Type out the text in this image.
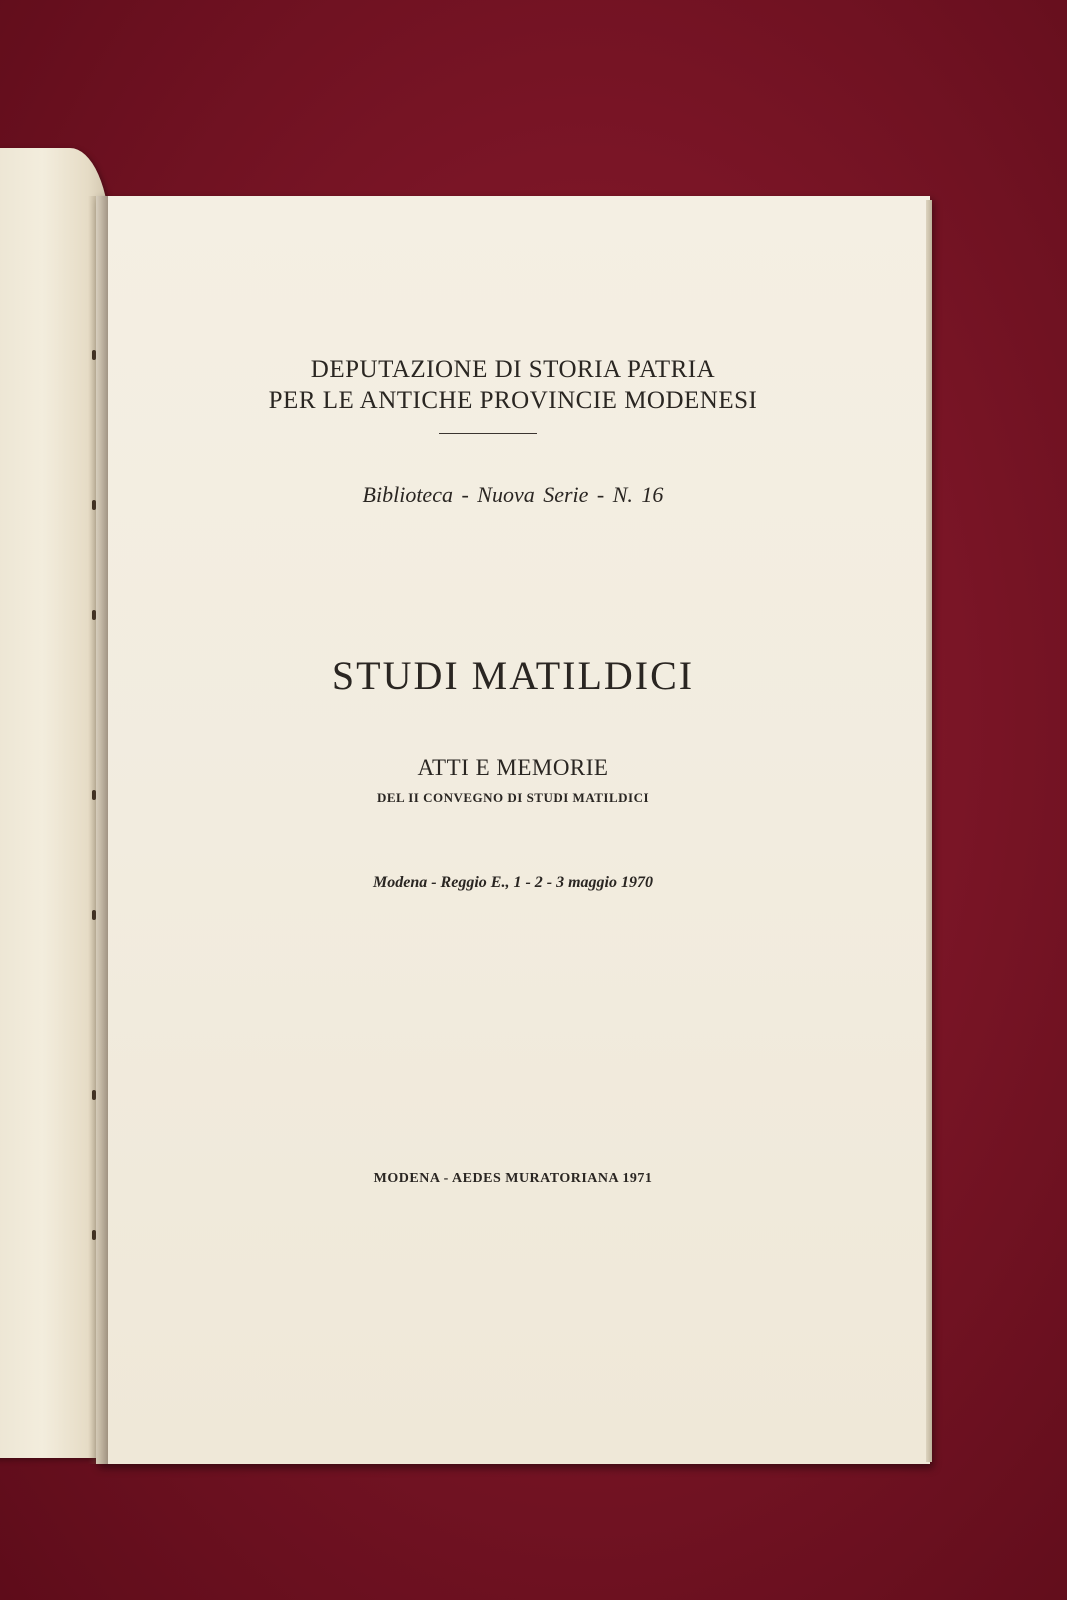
DEPUTAZIONE DI STORIA PATRIA
PER LE ANTICHE PROVINCIE MODENESI
Biblioteca - Nuova Serie - N. 16
STUDI MATILDICI
ATTI E MEMORIE
DEL II CONVEGNO DI STUDI MATILDICI
Modena - Reggio E., 1 - 2 - 3 maggio 1970
MODENA - AEDES MURATORIANA 1971
